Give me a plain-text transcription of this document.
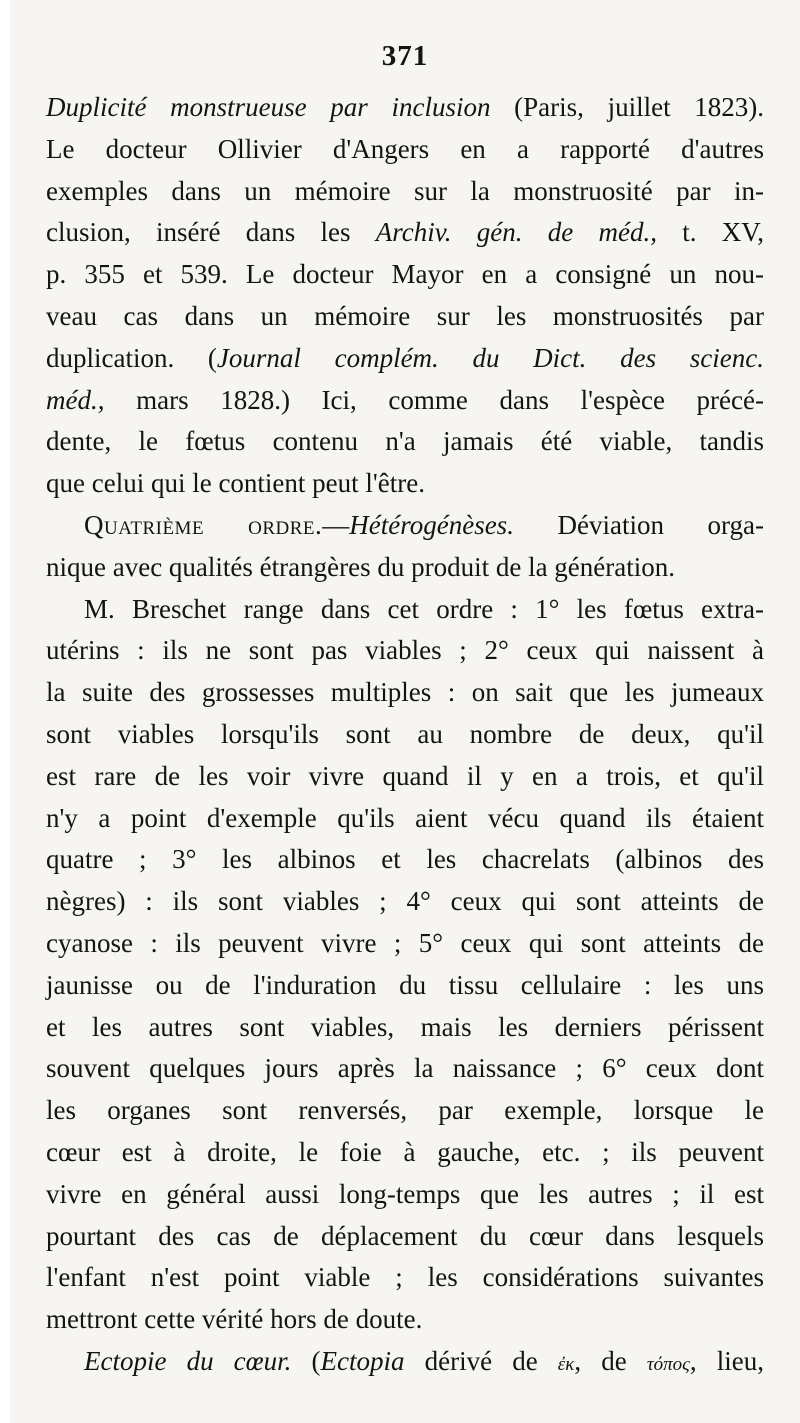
371
Duplicité monstrueuse par inclusion (Paris, juillet 1823).
Le docteur Ollivier d'Angers en a rapporté d'autres
exemples dans un mémoire sur la monstruosité par in-
clusion, inséré dans les Archiv. gén. de méd., t. XV,
p. 355 et 539. Le docteur Mayor en a consigné un nou-
veau cas dans un mémoire sur les monstruosités par
duplication. (Journal complém. du Dict. des scienc.
méd., mars 1828.) Ici, comme dans l'espèce précé-
dente, le fœtus contenu n'a jamais été viable, tandis
que celui qui le contient peut l'être.
Quatrième ordre.—Hétérogénèses. Déviation orga-
nique avec qualités étrangères du produit de la génération.
M. Breschet range dans cet ordre : 1° les fœtus extra-
utérins : ils ne sont pas viables ; 2° ceux qui naissent à
la suite des grossesses multiples : on sait que les jumeaux
sont viables lorsqu'ils sont au nombre de deux, qu'il
est rare de les voir vivre quand il y en a trois, et qu'il
n'y a point d'exemple qu'ils aient vécu quand ils étaient
quatre ; 3° les albinos et les chacrelats (albinos des
nègres) : ils sont viables ; 4° ceux qui sont atteints de
cyanose : ils peuvent vivre ; 5° ceux qui sont atteints de
jaunisse ou de l'induration du tissu cellulaire : les uns
et les autres sont viables, mais les derniers périssent
souvent quelques jours après la naissance ; 6° ceux dont
les organes sont renversés, par exemple, lorsque le
cœur est à droite, le foie à gauche, etc. ; ils peuvent
vivre en général aussi long-temps que les autres ; il est
pourtant des cas de déplacement du cœur dans lesquels
l'enfant n'est point viable ; les considérations suivantes
mettront cette vérité hors de doute.
Ectopie du cœur. (Ectopia dérivé de ἐκ, de τόπος, lieu,
